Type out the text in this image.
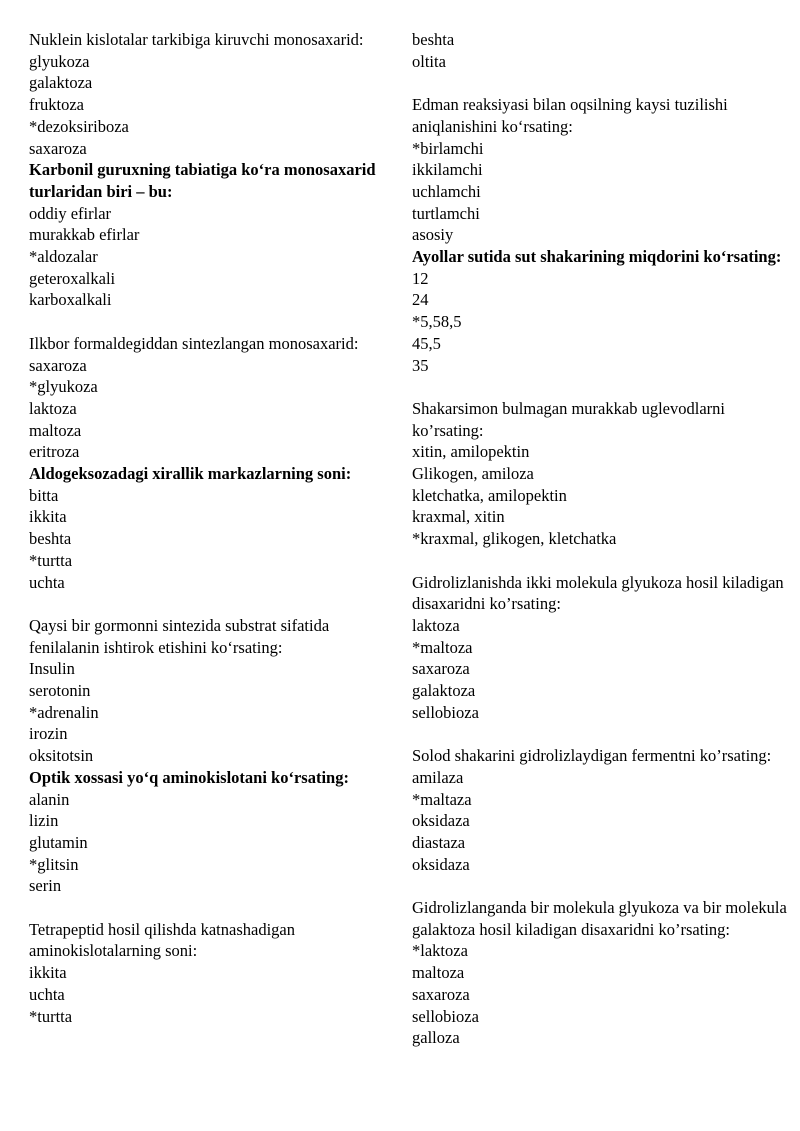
Nuklein kislotalar tarkibiga kiruvchi monosaxarid:
glyukoza
galaktoza
fruktoza
*dezoksiriboza
saxaroza
Karbonil guruxning tabiatiga koʻra monosaxarid turlaridan biri – bu:
oddiy efirlar
murakkab efirlar
*aldozalar
geteroxalkali
karboxalkali
Ilkbor formaldegiddan sintezlangan monosaxarid:
saxaroza
*glyukoza
laktoza
maltoza
eritroza
Aldogeksozadagi xirallik markazlarning soni:
bitta
ikkita
beshta
*turtta
uchta
Qaysi bir gormonni sintezida substrat sifatida fenilalanin ishtirok etishini koʻrsating:
Insulin
serotonin
*adrenalin
irozin
oksitotsin
Optik xossasi yoʻq aminokislotani koʻrsating:
alanin
lizin
glutamin
*glitsin
serin
Tetrapeptid hosil qilishda katnashadigan aminokislotalarning soni:
ikkita
uchta
*turtta
beshta
oltita
Edman reaksiyasi bilan oqsilning kaysi tuzilishi aniqlanishini koʻrsating:
*birlamchi
ikkilamchi
uchlamchi
turtlamchi
asosiy
Ayollar sutida sut shakarining miqdorini koʻrsating:
12
24
*5,58,5
45,5
35
Shakarsimon bulmagan murakkab uglevodlarni ko’rsating:
xitin, amilopektin
Glikogen, amiloza
kletchatka, amilopektin
kraxmal, xitin
*kraxmal, glikogen, kletchatka
Gidrolizlanishda ikki molekula glyukoza hosil kiladigan disaxaridni ko’rsating:
laktoza
*maltoza
saxaroza
galaktoza
sellobioza
Solod shakarini gidrolizlaydigan fermentni ko’rsating:
amilaza
*maltaza
oksidaza
diastaza
oksidaza
Gidrolizlanganda bir molekula glyukoza va bir molekula galaktoza hosil kiladigan disaxaridni ko’rsating:
*laktoza
maltoza
saxaroza
sellobioza
galloza
